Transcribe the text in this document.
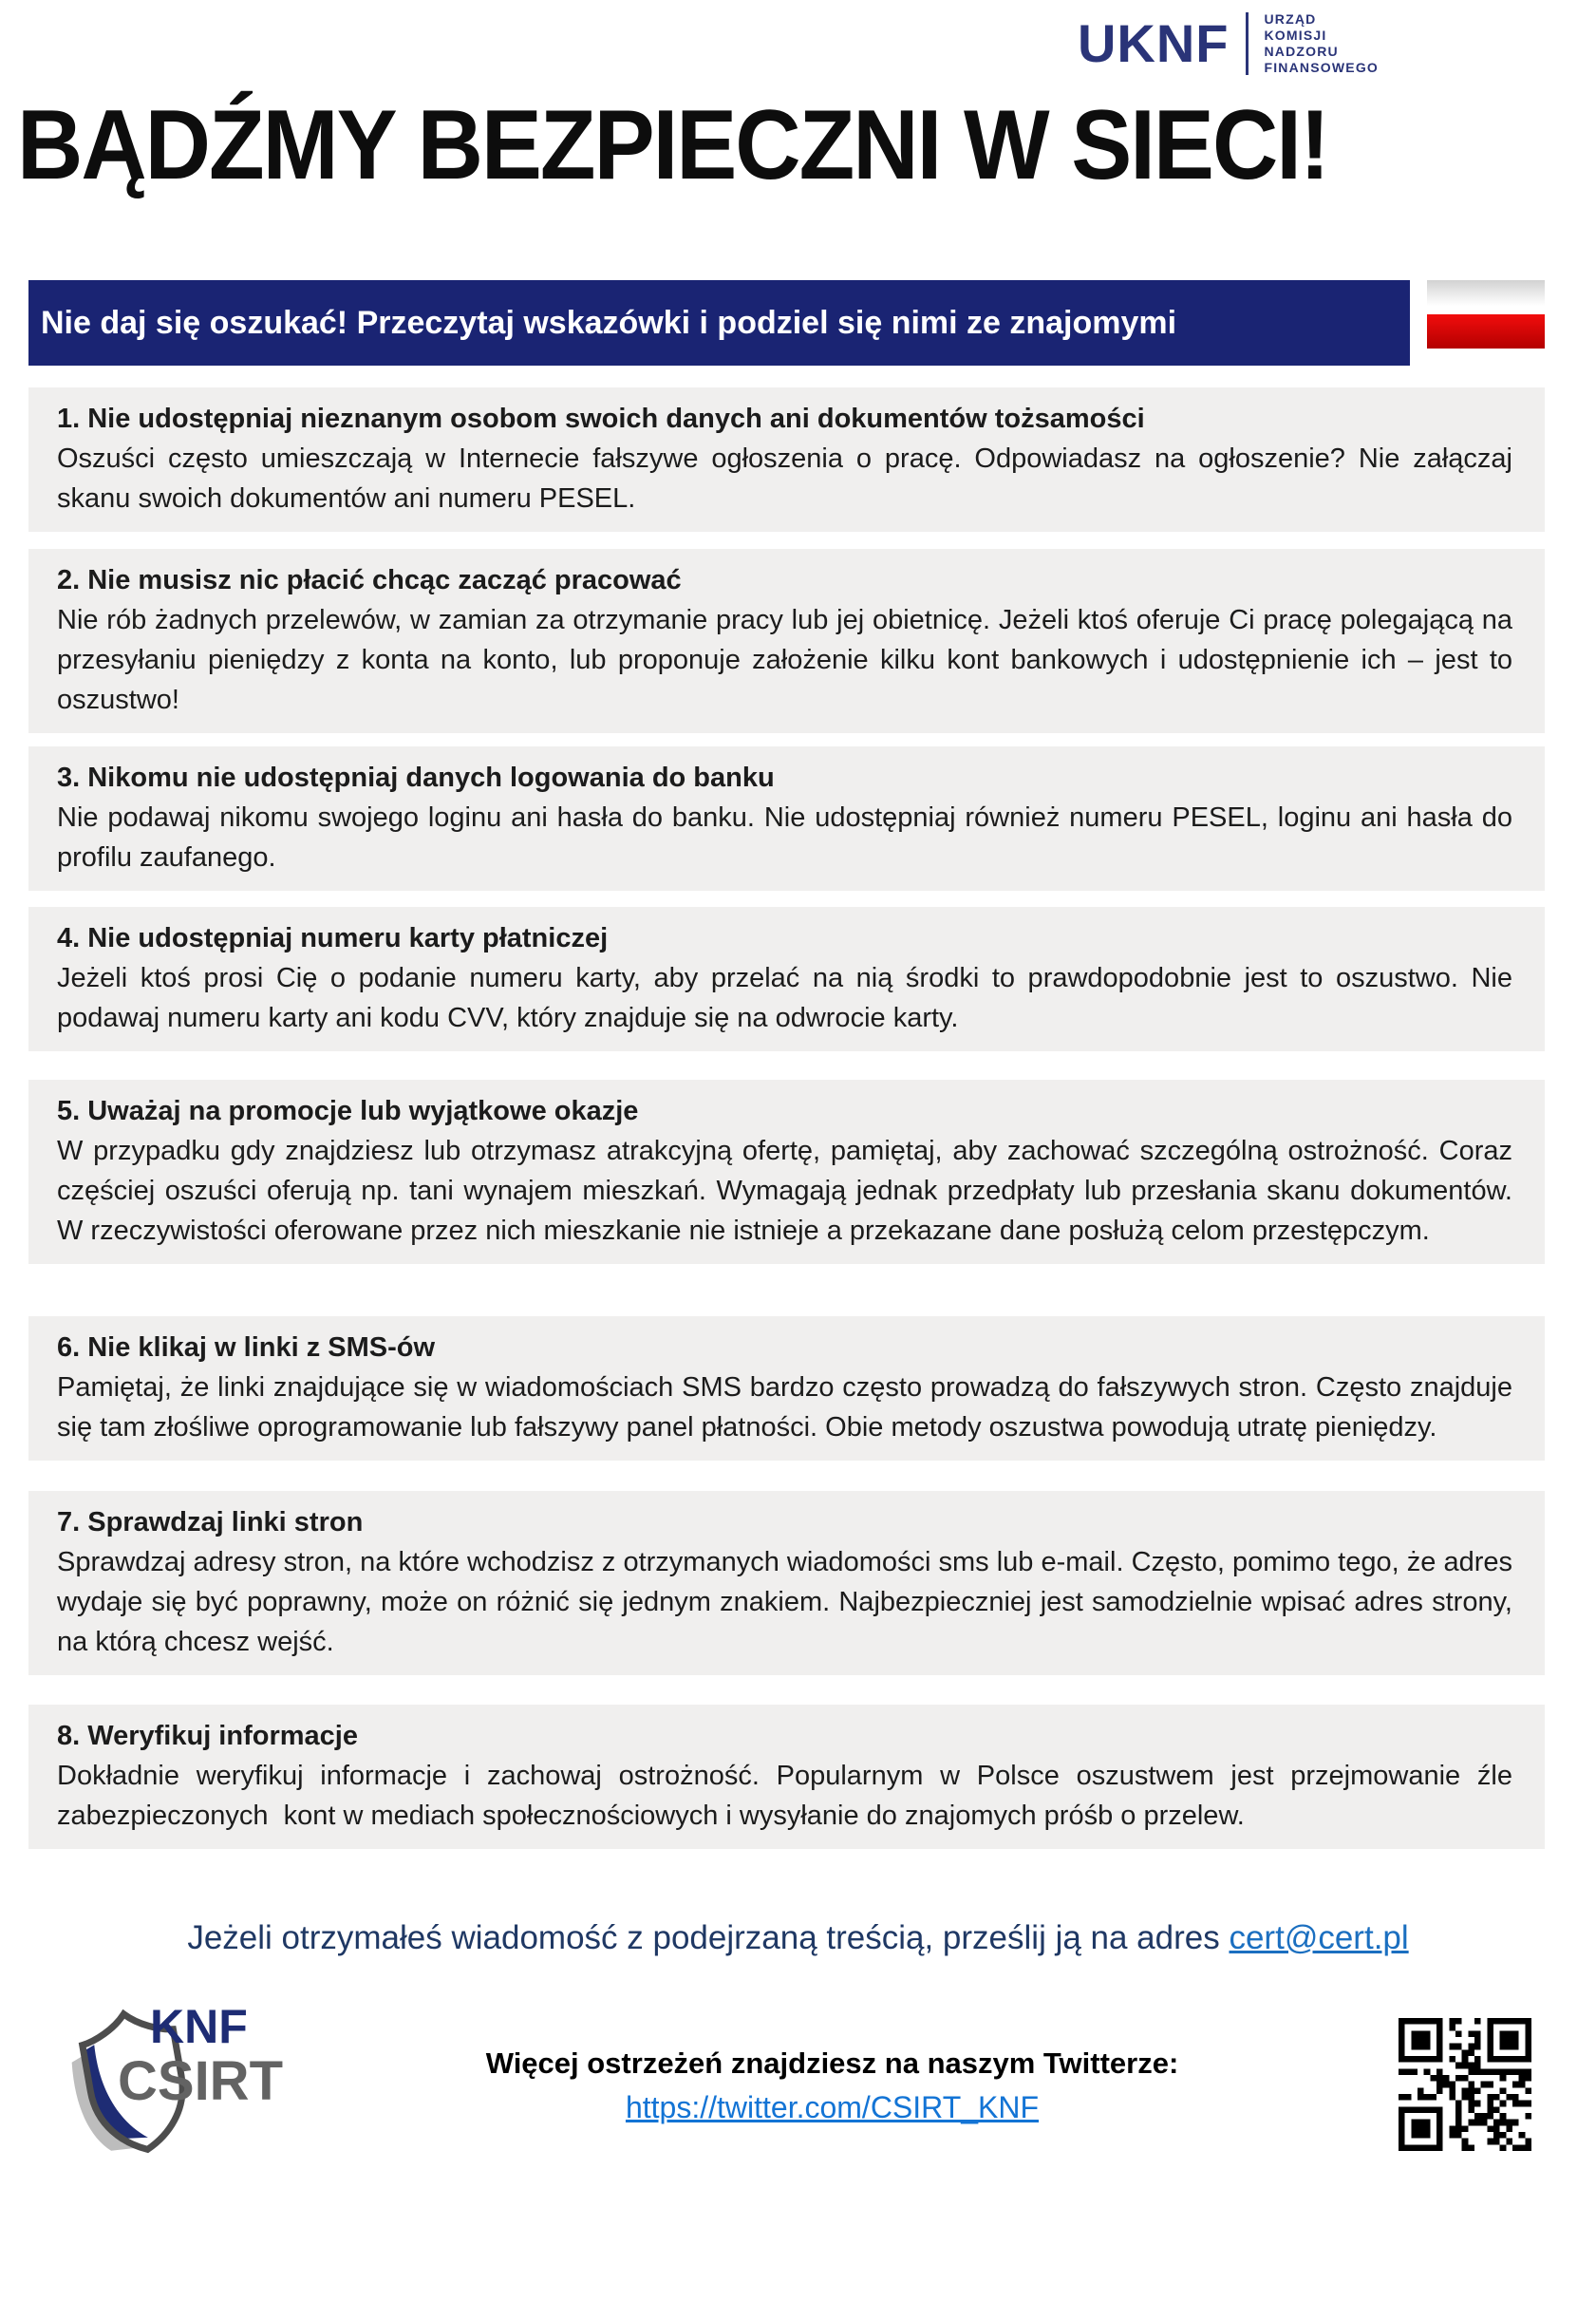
UKNF	URZĄD
KOMISJI
NADZORU
FINANSOWEGO
BĄDŹMY BEZPIECZNI W SIECI!
Nie daj się oszukać! Przeczytaj wskazówki i podziel się nimi ze znajomymi
1. Nie udostępniaj nieznanym osobom swoich danych ani dokumentów tożsamości
Oszuści często umieszczają w Internecie fałszywe ogłoszenia o pracę. Odpowiadasz na ogłoszenie? Nie załączaj  skanu swoich dokumentów ani numeru PESEL.
2. Nie musisz nic płacić chcąc zacząć pracować
Nie rób żadnych przelewów, w zamian za otrzymanie pracy lub jej obietnicę. Jeżeli ktoś oferuje Ci pracę polegającą na przesyłaniu pieniędzy z konta na konto, lub proponuje założenie kilku kont bankowych i udostępnienie ich – jest to oszustwo!
3. Nikomu nie udostępniaj danych logowania do banku
Nie podawaj nikomu swojego loginu ani hasła do banku. Nie udostępniaj również numeru PESEL, loginu ani hasła do profilu zaufanego.
4. Nie udostępniaj numeru karty płatniczej
Jeżeli ktoś prosi Cię o podanie numeru karty, aby przelać na nią środki to prawdopodobnie jest to oszustwo. Nie podawaj numeru karty ani kodu CVV, który znajduje się na odwrocie karty.
5. Uważaj na promocje lub wyjątkowe okazje
W przypadku gdy znajdziesz lub otrzymasz atrakcyjną ofertę, pamiętaj, aby zachować szczególną ostrożność. Coraz częściej oszuści oferują np. tani wynajem mieszkań. Wymagają jednak przedpłaty lub przesłania skanu dokumentów. W rzeczywistości oferowane przez nich mieszkanie nie istnieje a przekazane dane posłużą celom przestępczym.
6. Nie klikaj w linki z SMS-ów
Pamiętaj, że linki znajdujące się w wiadomościach SMS bardzo często prowadzą do fałszywych stron. Często znajduje się tam złośliwe oprogramowanie lub fałszywy panel płatności. Obie metody oszustwa powodują utratę pieniędzy.
7. Sprawdzaj linki stron
Sprawdzaj adresy stron, na które wchodzisz z otrzymanych wiadomości sms lub e-mail. Często, pomimo tego, że adres wydaje się być poprawny, może on różnić się jednym znakiem. Najbezpieczniej jest samodzielnie wpisać adres strony, na którą chcesz wejść.
8. Weryfikuj informacje
Dokładnie weryfikuj informacje i zachowaj ostrożność. Popularnym w Polsce oszustwem jest przejmowanie źle zabezpieczonych  kont w mediach społecznościowych i wysyłanie do znajomych próśb o przelew.
Jeżeli otrzymałeś wiadomość z podejrzaną treścią, prześlij ją na adres cert@cert.pl
KNF
CSIRT	Więcej ostrzeżeń znajdziesz na naszym Twitterze:
https://twitter.com/CSIRT_KNF
